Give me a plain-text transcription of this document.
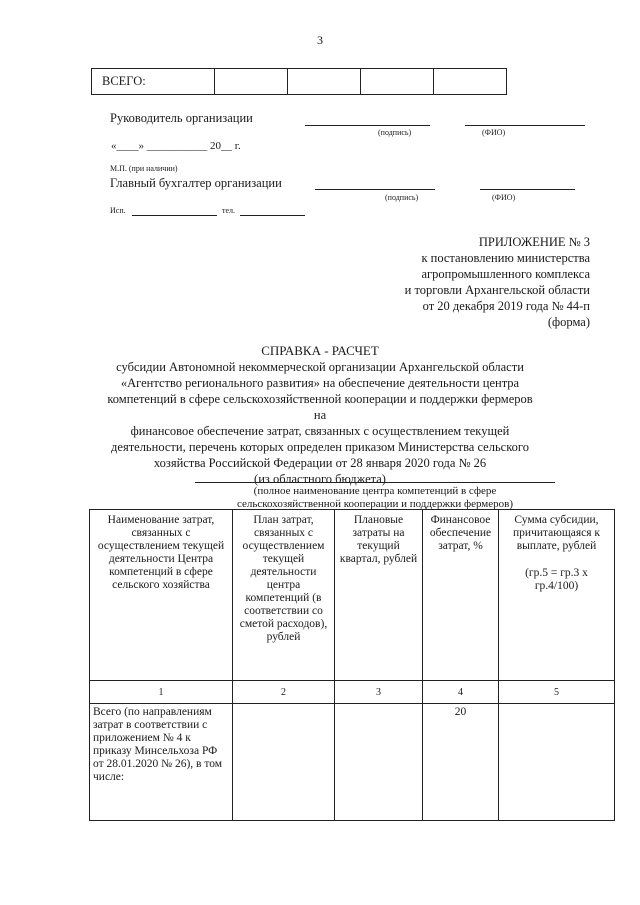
3
ВСЕГО:				
Руководитель организации
(подпись)	(ФИО)
«____» ___________ 20__ г.
М.П. (при наличии)
Главный бухгалтер организации
(подпись)	(ФИО)
Исп.	тел.
ПРИЛОЖЕНИЕ № 3
к постановлению министерства
агропромышленного комплекса
и торговли Архангельской области
от 20 декабря 2019 года № 44-п
(форма)
СПРАВКА - РАСЧЕТ
субсидии Автономной некоммерческой организации Архангельской области
«Агентство регионального развития» на обеспечение деятельности центра
компетенций в сфере сельскохозяйственной кооперации и поддержки фермеров на
финансовое обеспечение затрат, связанных с осуществлением текущей
деятельности, перечень которых определен приказом Министерства сельского
хозяйства Российской Федерации от 28 января 2020 года № 26
(из областного бюджета)
(полное наименование центра компетенций в сфере
сельскохозяйственной кооперации и поддержки фермеров)
Наименование затрат, связанных с осуществлением текущей деятельности Центра компетенций в сфере сельского хозяйства	План затрат, связанных с осуществлением текущей деятельности центра компетенций (в соответствии со сметой расходов), рублей	Плановые затраты на текущий квартал, рублей	Финансовое обеспечение затрат, %	Сумма субсидии, причитающаяся к выплате, рублей
(гр.5 = гр.3 х гр.4/100)

1	2	3	4	5
Всего (по направлениям затрат в соответствии с приложением № 4 к приказу Минсельхоза РФ от 28.01.2020 № 26), в том числе:			20	
